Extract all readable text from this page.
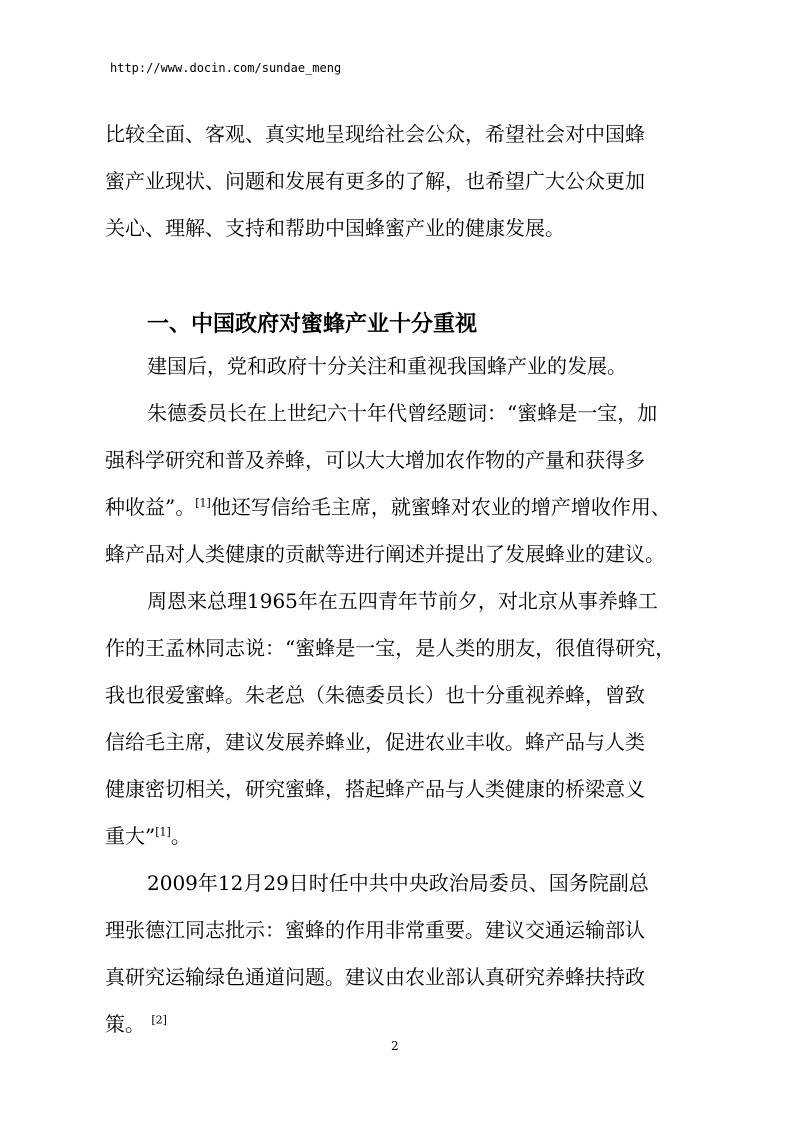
http://www.docin.com/sundae_meng
比较全面、客观、真实地呈现给社会公众，希望社会对中国蜂
蜜产业现状、问题和发展有更多的了解，也希望广大公众更加
关心、理解、支持和帮助中国蜂蜜产业的健康发展。
一、中国政府对蜜蜂产业十分重视
建国后，党和政府十分关注和重视我国蜂产业的发展。
朱德委员长在上世纪六十年代曾经题词：“蜜蜂是一宝，加
强科学研究和普及养蜂，可以大大增加农作物的产量和获得多
种收益”。[1]他还写信给毛主席，就蜜蜂对农业的增产增收作用、
蜂产品对人类健康的贡献等进行阐述并提出了发展蜂业的建议。
周恩来总理1965年在五四青年节前夕，对北京从事养蜂工
作的王孟林同志说：“蜜蜂是一宝，是人类的朋友，很值得研究，
我也很爱蜜蜂。朱老总（朱德委员长）也十分重视养蜂，曾致
信给毛主席，建议发展养蜂业，促进农业丰收。蜂产品与人类
健康密切相关，研究蜜蜂，搭起蜂产品与人类健康的桥梁意义
重大”[1]。
2009年12月29日时任中共中央政治局委员、国务院副总
理张德江同志批示：蜜蜂的作用非常重要。建议交通运输部认
真研究运输绿色通道问题。建议由农业部认真研究养蜂扶持政
策。 [2]
2
